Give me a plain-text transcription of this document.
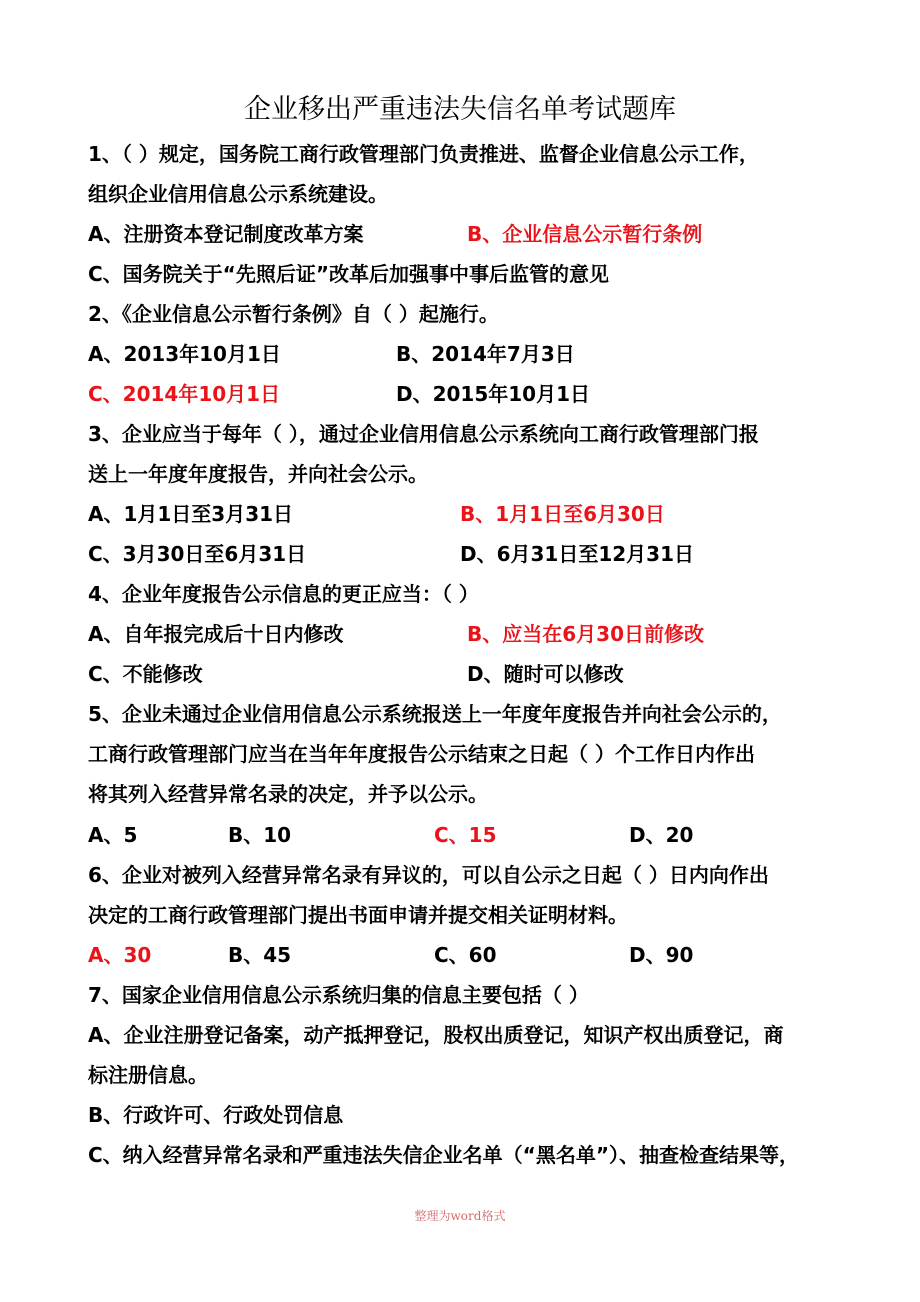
企业移出严重违法失信名单考试题库
1、（ ）规定，国务院工商行政管理部门负责推进、监督企业信息公示工作，
组织企业信用信息公示系统建设。
A、注册资本登记制度改革方案	B、企业信息公示暂行条例
C、国务院关于“先照后证”改革后加强事中事后监管的意见
2、《企业信息公示暂行条例》自（ ）起施行。
A、2013年10月1日	B、2014年7月3日
C、2014年10月1日	D、2015年10月1日
3、企业应当于每年（ ），通过企业信用信息公示系统向工商行政管理部门报
送上一年度年度报告，并向社会公示。
A、1月1日至3月31日	B、1月1日至6月30日
C、3月30日至6月31日	D、6月31日至12月31日
4、企业年度报告公示信息的更正应当：（ ）
A、自年报完成后十日内修改	B、应当在6月30日前修改
C、不能修改	D、随时可以修改
5、企业未通过企业信用信息公示系统报送上一年度年度报告并向社会公示的，
工商行政管理部门应当在当年年度报告公示结束之日起（ ）个工作日内作出
将其列入经营异常名录的决定，并予以公示。
A、5	B、10	C、15	D、20
6、企业对被列入经营异常名录有异议的，可以自公示之日起（ ）日内向作出
决定的工商行政管理部门提出书面申请并提交相关证明材料。
A、30	B、45	C、60	D、90
7、国家企业信用信息公示系统归集的信息主要包括（ ）
A、企业注册登记备案，动产抵押登记，股权出质登记，知识产权出质登记，商
标注册信息。
B、行政许可、行政处罚信息
C、纳入经营异常名录和严重违法失信企业名单（“黑名单”）、抽查检查结果等，
整理为word格式
